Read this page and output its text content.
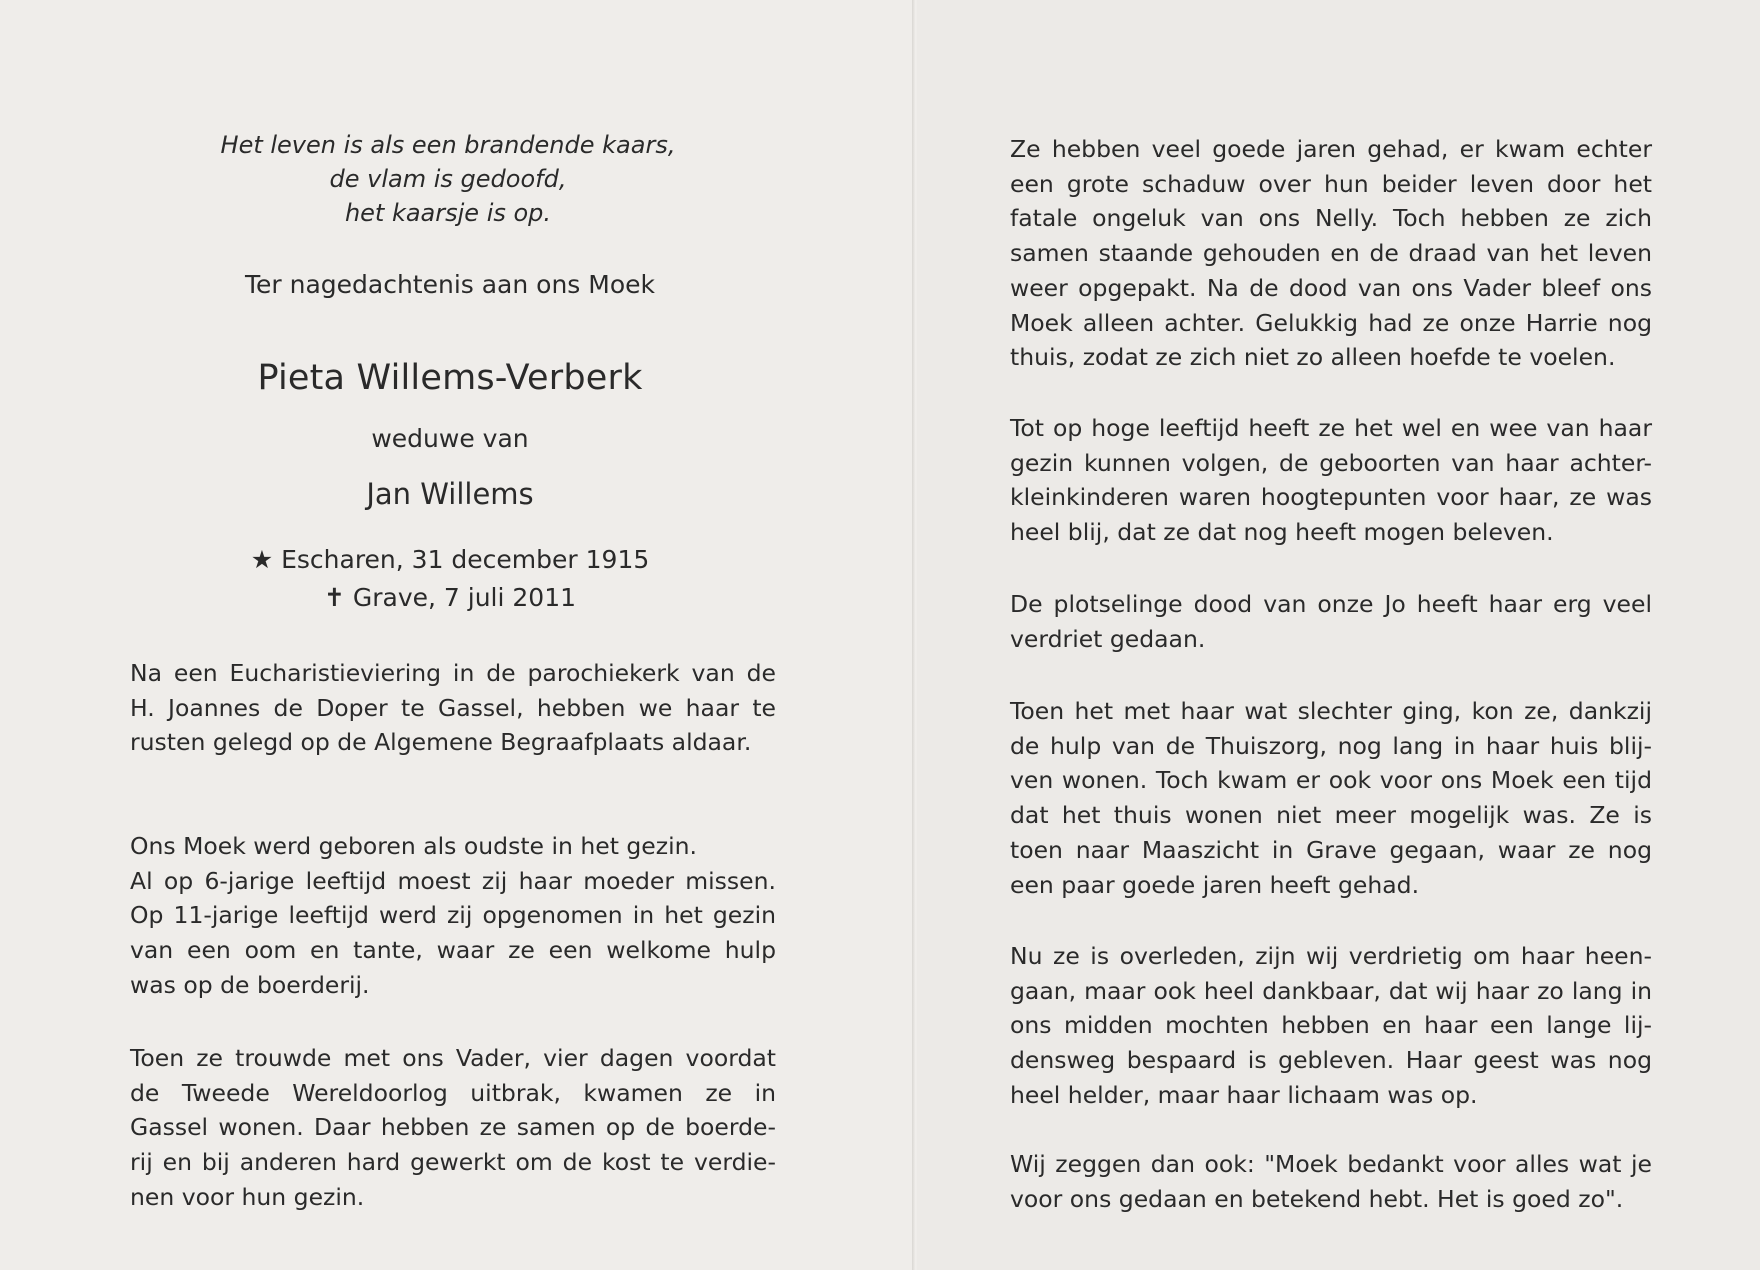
Het leven is als een brandende kaars,
de vlam is gedoofd,
het kaarsje is op.

Ter nagedachtenis aan ons Moek

Pieta Willems-Verberk

weduwe van

Jan Willems

★ Escharen, 31 december 1915
✝ Grave, 7 juli 2011
Na een Eucharistieviering in de parochiekerk van de
H. Joannes de Doper te Gassel, hebben we haar te
rusten gelegd op de Algemene Begraafplaats aldaar.
Ons Moek werd geboren als oudste in het gezin.
Al op 6-jarige leeftijd moest zij haar moeder missen.
Op 11-jarige leeftijd werd zij opgenomen in het gezin
van een oom en tante, waar ze een welkome hulp
was op de boerderij.
Toen ze trouwde met ons Vader, vier dagen voordat
de Tweede Wereldoorlog uitbrak, kwamen ze in
Gassel wonen. Daar hebben ze samen op de boerde-
rij en bij anderen hard gewerkt om de kost te verdie-
nen voor hun gezin.
Ze hebben veel goede jaren gehad, er kwam echter
een grote schaduw over hun beider leven door het
fatale ongeluk van ons Nelly. Toch hebben ze zich
samen staande gehouden en de draad van het leven
weer opgepakt. Na de dood van ons Vader bleef ons
Moek alleen achter. Gelukkig had ze onze Harrie nog
thuis, zodat ze zich niet zo alleen hoefde te voelen.
Tot op hoge leeftijd heeft ze het wel en wee van haar
gezin kunnen volgen, de geboorten van haar achter-
kleinkinderen waren hoogtepunten voor haar, ze was
heel blij, dat ze dat nog heeft mogen beleven.
De plotselinge dood van onze Jo heeft haar erg veel
verdriet gedaan.
Toen het met haar wat slechter ging, kon ze, dankzij
de hulp van de Thuiszorg, nog lang in haar huis blij-
ven wonen. Toch kwam er ook voor ons Moek een tijd
dat het thuis wonen niet meer mogelijk was. Ze is
toen naar Maaszicht in Grave gegaan, waar ze nog
een paar goede jaren heeft gehad.
Nu ze is overleden, zijn wij verdrietig om haar heen-
gaan, maar ook heel dankbaar, dat wij haar zo lang in
ons midden mochten hebben en haar een lange lij-
densweg bespaard is gebleven. Haar geest was nog
heel helder, maar haar lichaam was op.
Wij zeggen dan ook: "Moek bedankt voor alles wat je
voor ons gedaan en betekend hebt. Het is goed zo".
